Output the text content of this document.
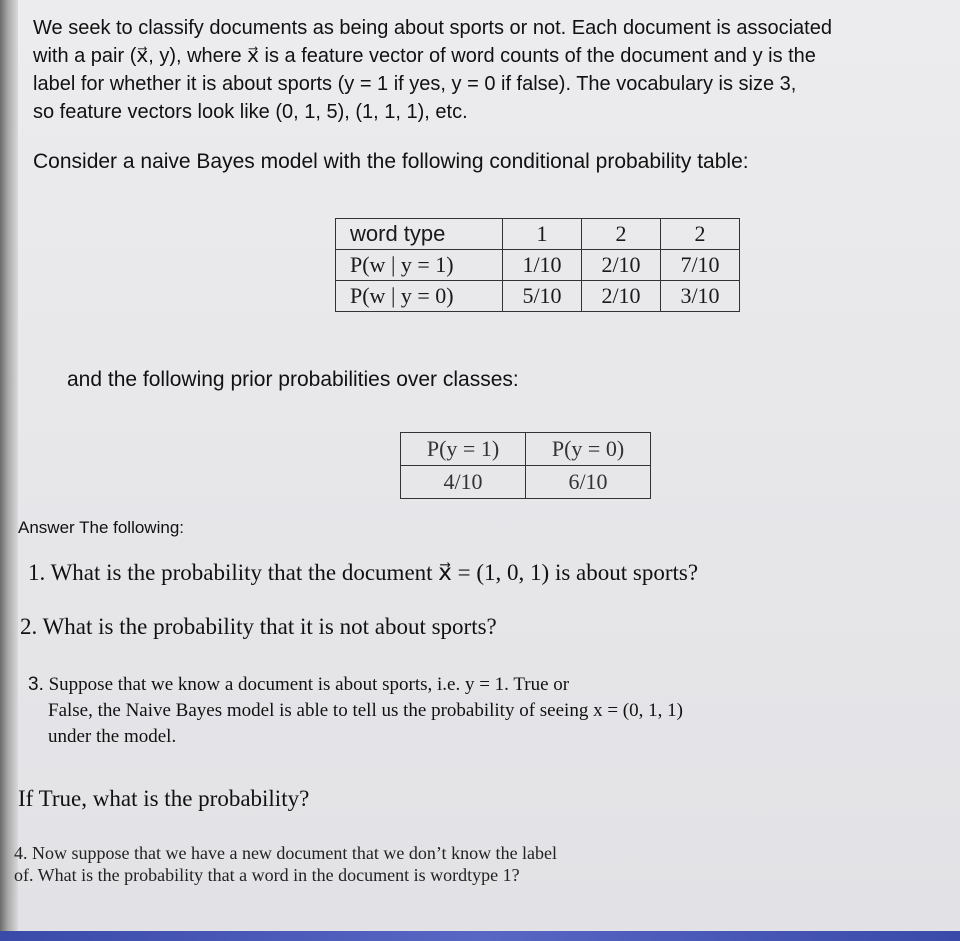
We seek to classify documents as being about sports or not. Each document is associated
with a pair (x⃗, y), where x⃗ is a feature vector of word counts of the document and y is the
label for whether it is about sports (y = 1 if yes, y = 0 if false). The vocabulary is size 3,
so feature vectors look like (0, 1, 5), (1, 1, 1), etc.
Consider a naive Bayes model with the following conditional probability table:
word type	1	2	2
P(w | y = 1)	1/10	2/10	7/10
P(w | y = 0)	5/10	2/10	3/10
and the following prior probabilities over classes:
P(y = 1)	P(y = 0)
4/10	6/10
Answer The following:
1. What is the probability that the document x⃗ = (1, 0, 1) is about sports?
2. What is the probability that it is not about sports?
3. Suppose that we know a document is about sports, i.e. y = 1. True or
False, the Naive Bayes model is able to tell us the probability of seeing x = (0, 1, 1)
under the model.
If True, what is the probability?
4. Now suppose that we have a new document that we don’t know the label
of. What is the probability that a word in the document is wordtype 1?
